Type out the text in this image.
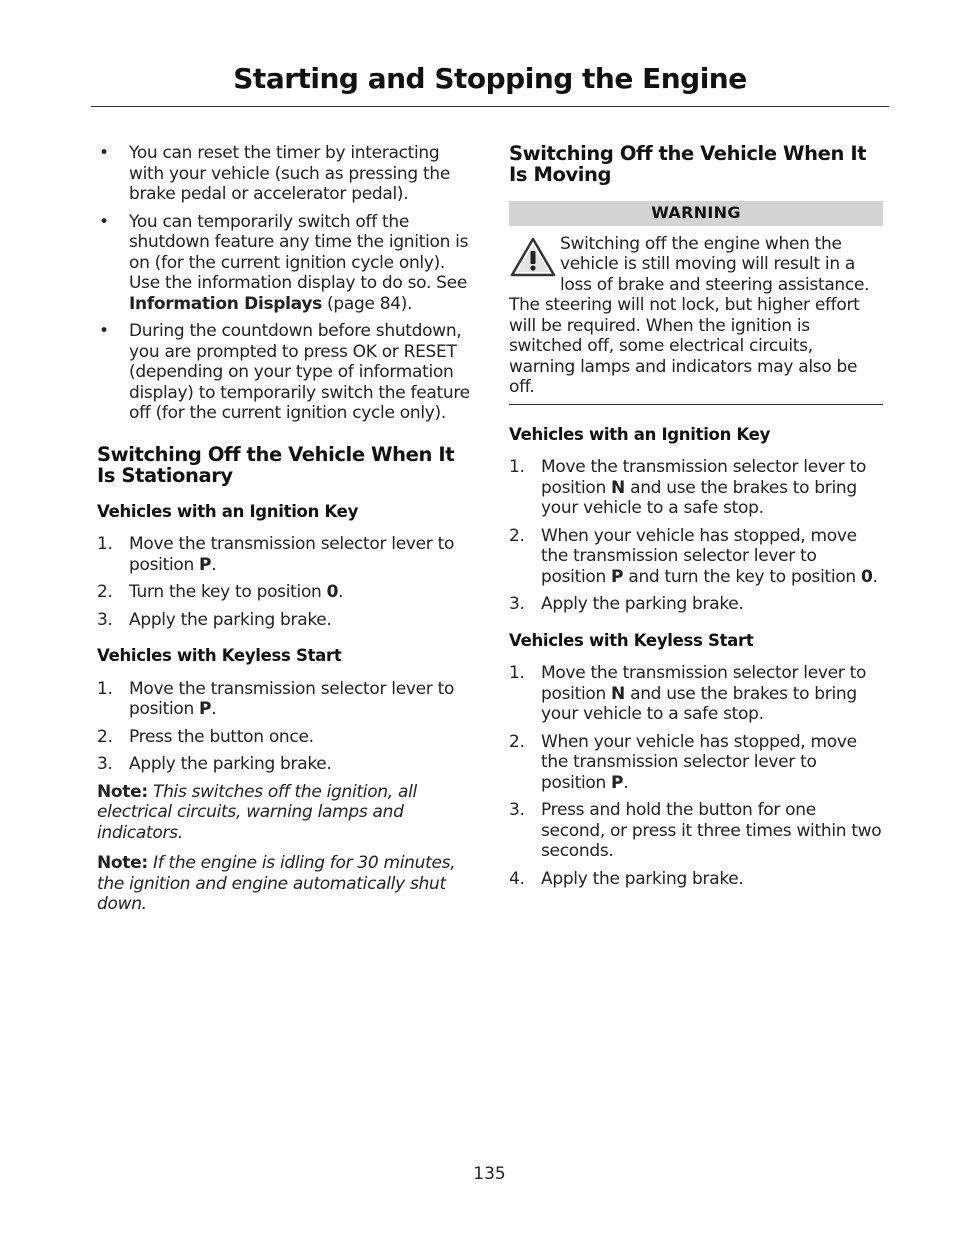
Starting and Stopping the Engine
•	You can reset the timer by interacting with your vehicle (such as pressing the brake pedal or accelerator pedal).
•	You can temporarily switch off the shutdown feature any time the ignition is on (for the current ignition cycle only). Use the information display to do so. See Information Displays (page 84).
•	During the countdown before shutdown, you are prompted to press OK or RESET (depending on your type of information display) to temporarily switch the feature off (for the current ignition cycle only).
Switching Off the Vehicle When It Is Stationary
Vehicles with an Ignition Key
1. Move the transmission selector lever to position P.
2. Turn the key to position 0.
3. Apply the parking brake.
Vehicles with Keyless Start
1. Move the transmission selector lever to position P.
2. Press the button once.
3. Apply the parking brake.

Note: This switches off the ignition, all electrical circuits, warning lamps and indicators.

Note: If the engine is idling for 30 minutes, the ignition and engine automatically shut down.

Switching Off the Vehicle When It Is Moving
WARNING
Switching off the engine when the vehicle is still moving will result in a loss of brake and steering assistance. The steering will not lock, but higher effort will be required. When the ignition is switched off, some electrical circuits, warning lamps and indicators may also be off.
Vehicles with an Ignition Key
1. Move the transmission selector lever to position N and use the brakes to bring your vehicle to a safe stop.
2. When your vehicle has stopped, move the transmission selector lever to position P and turn the key to position 0.
3. Apply the parking brake.
Vehicles with Keyless Start
1. Move the transmission selector lever to position N and use the brakes to bring your vehicle to a safe stop.
2. When your vehicle has stopped, move the transmission selector lever to position P.
3. Press and hold the button for one second, or press it three times within two seconds.
4. Apply the parking brake.
135
